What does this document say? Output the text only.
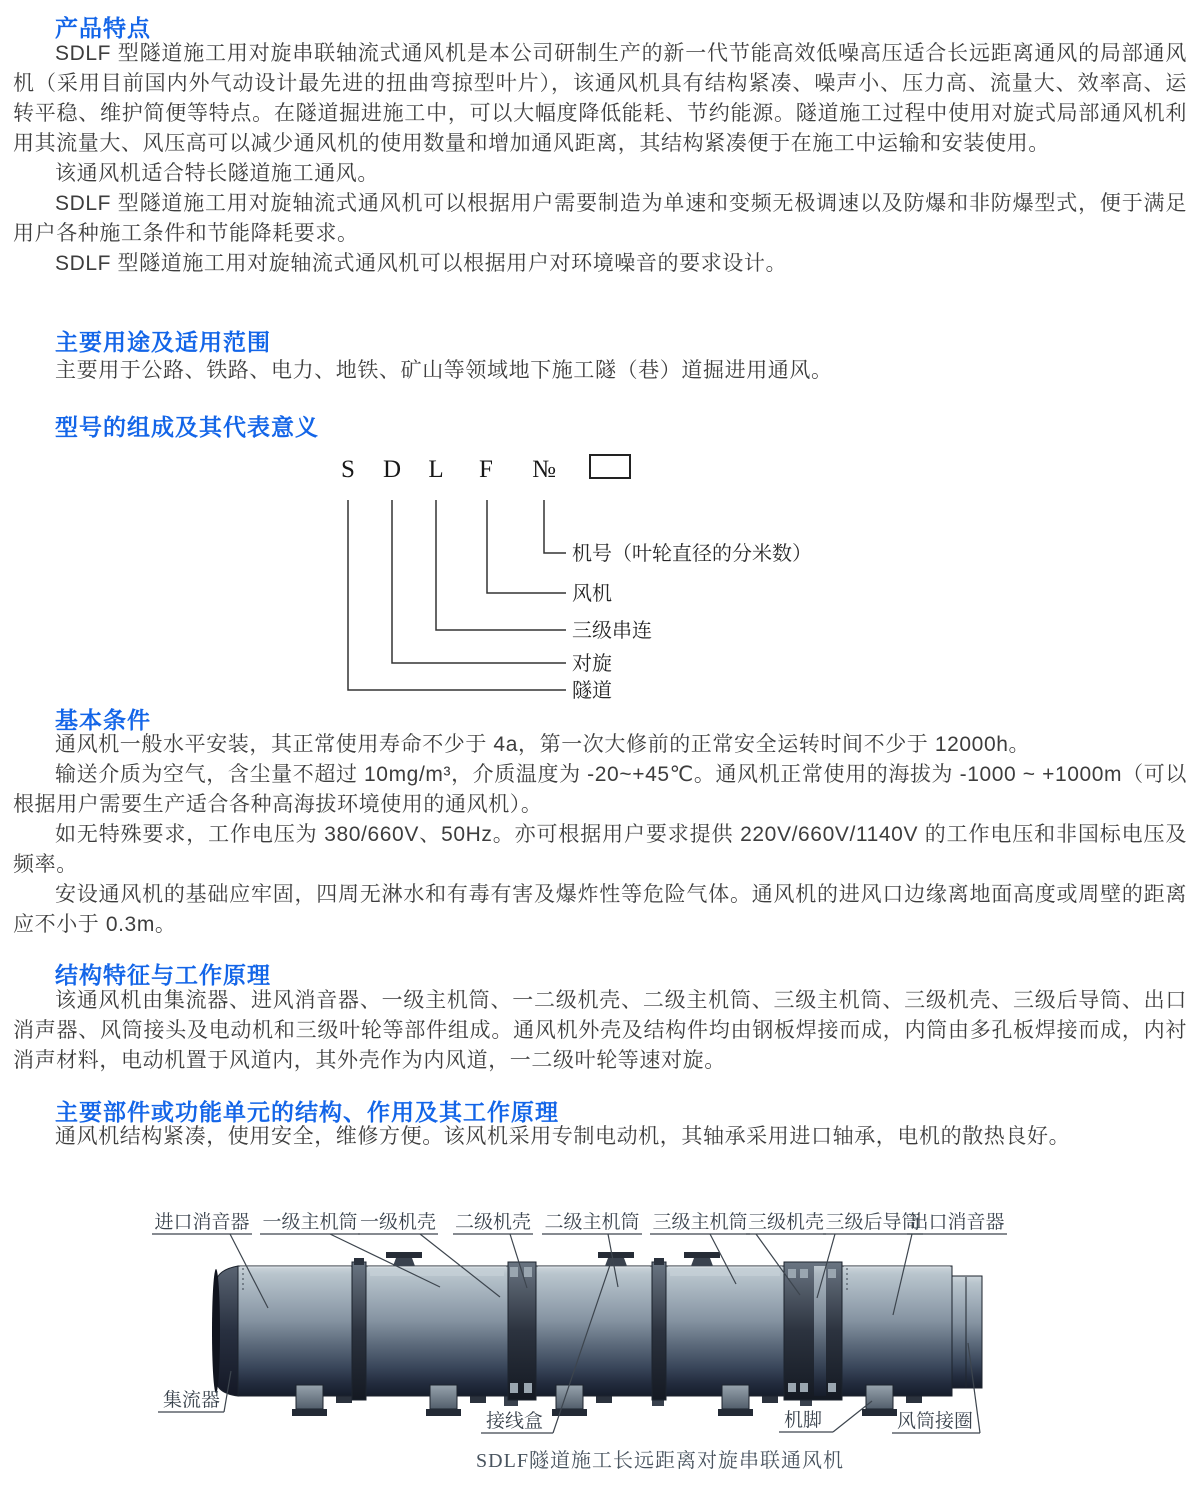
产品特点

SDLF 型隧道施工用对旋串联轴流式通风机是本公司研制生产的新一代节能高效低噪高压适合长远距离通风的局部通风机（采用目前国内外气动设计最先进的扭曲弯掠型叶片），该通风机具有结构紧凑、噪声小、压力高、流量大、效率高、运转平稳、维护简便等特点。在隧道掘进施工中，可以大幅度降低能耗、节约能源。隧道施工过程中使用对旋式局部通风机利用其流量大、风压高可以减少通风机的使用数量和增加通风距离，其结构紧凑便于在施工中运输和安装使用。

该通风机适合特长隧道施工通风。

SDLF 型隧道施工用对旋轴流式通风机可以根据用户需要制造为单速和变频无极调速以及防爆和非防爆型式，便于满足用户各种施工条件和节能降耗要求。

SDLF 型隧道施工用对旋轴流式通风机可以根据用户对环境噪音的要求设计。

主要用途及适用范围

主要用于公路、铁路、电力、地铁、矿山等领域地下施工隧（巷）道掘进用通风。

型号的组成及其代表意义
S D L F №
机号（叶轮直径的分米数）
风机
三级串连
对旋
隧道
基本条件

通风机一般水平安装，其正常使用寿命不少于 4a，第一次大修前的正常安全运转时间不少于 12000h。

输送介质为空气，含尘量不超过 10mg/m³，介质温度为 -20~+45℃。通风机正常使用的海拔为 -1000 ~ +1000m（可以根据用户需要生产适合各种高海拔环境使用的通风机）。

如无特殊要求，工作电压为 380/660V、50Hz。亦可根据用户要求提供 220V/660V/1140V 的工作电压和非国标电压及频率。

安设通风机的基础应牢固，四周无淋水和有毒有害及爆炸性等危险气体。通风机的进风口边缘离地面高度或周壁的距离应不小于 0.3m。

结构特征与工作原理

该通风机由集流器、进风消音器、一级主机筒、一二级机壳、二级主机筒、三级主机筒、三级机壳、三级后导筒、出口消声器、风筒接头及电动机和三级叶轮等部件组成。通风机外壳及结构件均由钢板焊接而成，内筒由多孔板焊接而成，内衬消声材料，电动机置于风道内，其外壳作为内风道，一二级叶轮等速对旋。

主要部件或功能单元的结构、作用及其工作原理

通风机结构紧凑，使用安全，维修方便。该风机采用专制电动机，其轴承采用进口轴承，电机的散热良好。

进口消音器 一级主机筒 一级机壳 二级机壳 二级主机筒 三级主机筒 三级机壳 三级后导筒
出口消音器
集流器
接线盒	机脚	风筒接圈
SDLF隧道施工长远距离对旋串联通风机
